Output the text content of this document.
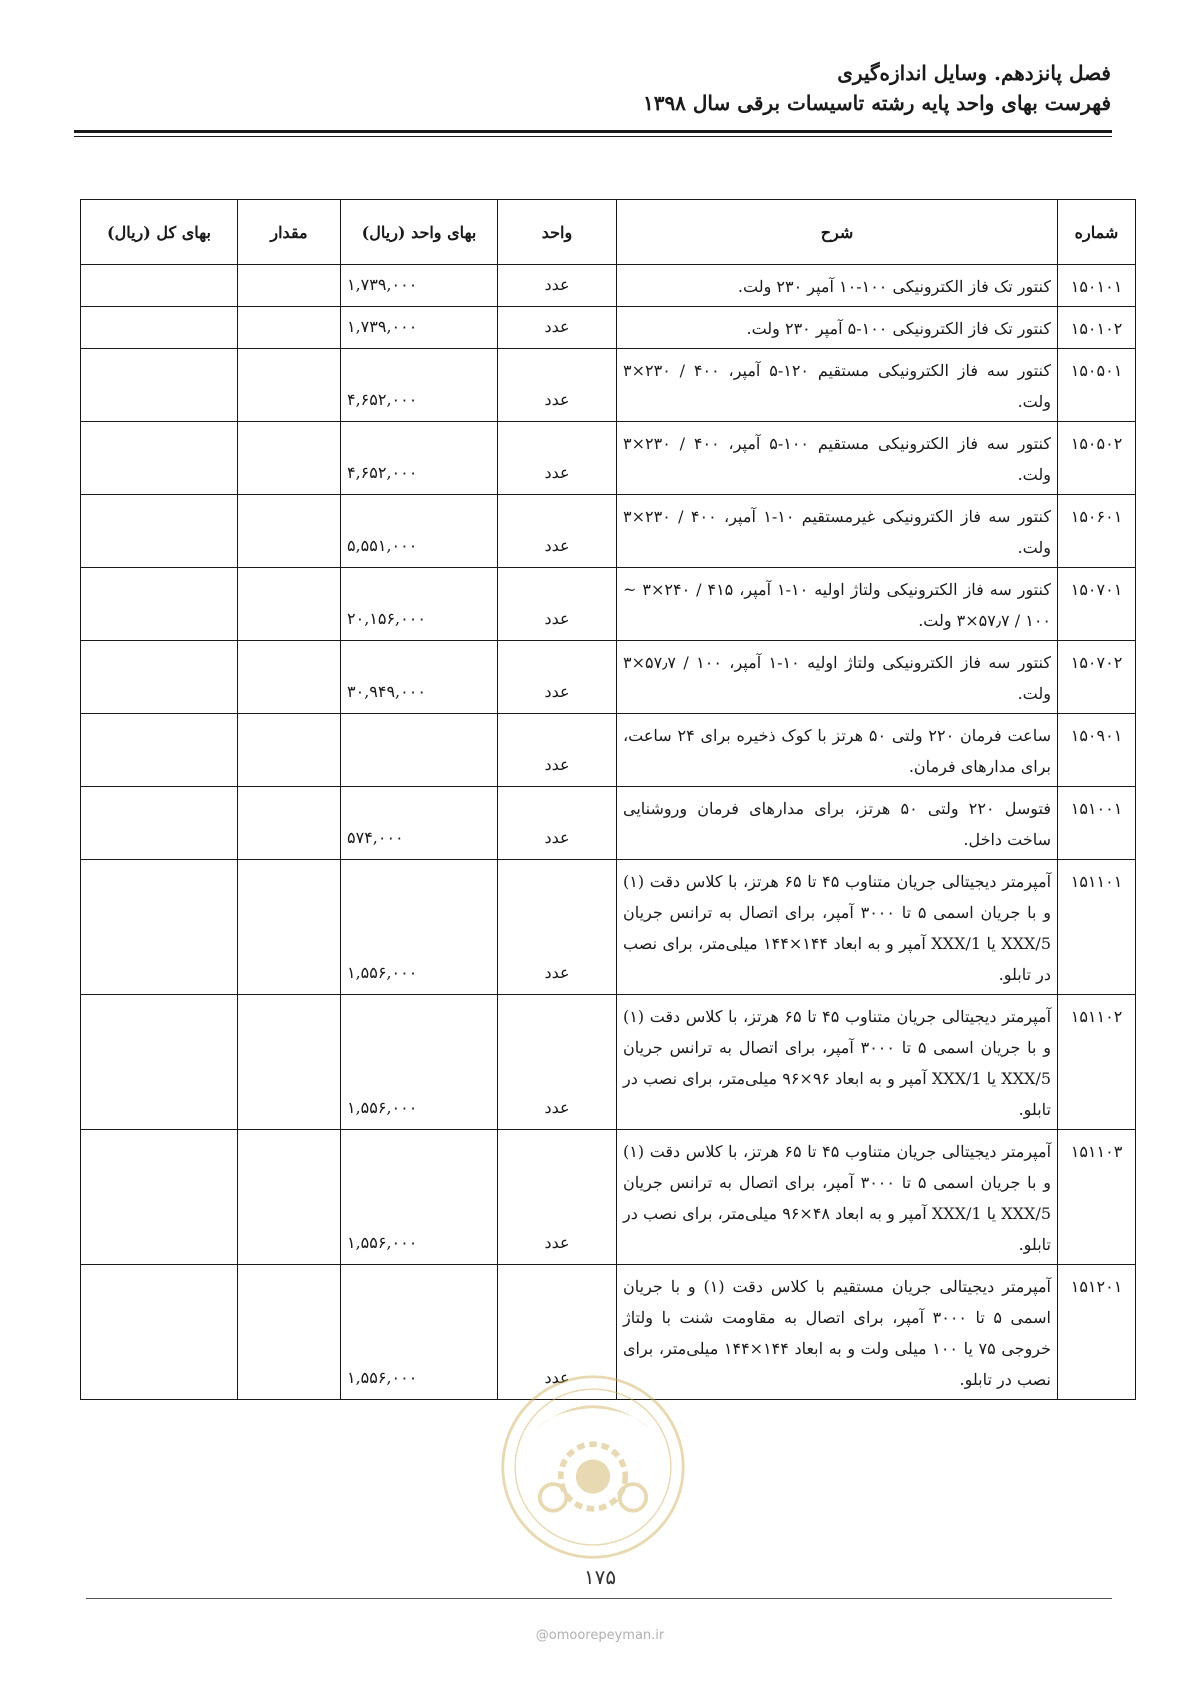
فصل پانزدهم. وسایل اندازه‌گیری
فهرست بهای واحد پایه رشته تاسیسات برقی سال ۱۳۹۸
شماره	شرح	واحد	بهای واحد (ریال)	مقدار	بهای کل (ریال)
۱۵۰۱۰۱	کنتور تک فاز الکترونیکی ۱۰۰-۱۰ آمپر ۲۳۰ ولت.	عدد	۱,۷۳۹,۰۰۰		
۱۵۰۱۰۲	کنتور تک فاز الکترونیکی ۱۰۰-۵ آمپر ۲۳۰ ولت.	عدد	۱,۷۳۹,۰۰۰		
۱۵۰۵۰۱	کنتور سه فاز الکترونیکی مستقیم ۱۲۰-۵ آمپر، ۴۰۰ / ۲۳۰×۳ ولت.	عدد	۴,۶۵۲,۰۰۰		
۱۵۰۵۰۲	کنتور سه فاز الکترونیکی مستقیم ۱۰۰-۵ آمپر، ۴۰۰ / ۲۳۰×۳ ولت.	عدد	۴,۶۵۲,۰۰۰		
۱۵۰۶۰۱	کنتور سه فاز الکترونیکی غیرمستقیم ۱۰-۱ آمپر، ۴۰۰ / ۲۳۰×۳ ولت.	عدد	۵,۵۵۱,۰۰۰		
۱۵۰۷۰۱	کنتور سه فاز الکترونیکی ولتاژ اولیه ۱۰-۱ آمپر، ۴۱۵ / ۲۴۰×۳ ~ ۱۰۰ / ۵۷٫۷×۳ ولت.	عدد	۲۰,۱۵۶,۰۰۰		
۱۵۰۷۰۲	کنتور سه فاز الکترونیکی ولتاژ اولیه ۱۰-۱ آمپر، ۱۰۰ / ۵۷٫۷×۳ ولت.	عدد	۳۰,۹۴۹,۰۰۰		
۱۵۰۹۰۱	ساعت فرمان ۲۲۰ ولتی ۵۰ هرتز با کوک ذخیره برای ۲۴ ساعت، برای مدارهای فرمان.	عدد			
۱۵۱۰۰۱	فتوسل ۲۲۰ ولتی ۵۰ هرتز، برای مدارهای فرمان وروشنایی ساخت داخل.	عدد	۵۷۴,۰۰۰		
۱۵۱۱۰۱	آمپرمتر دیجیتالی جریان متناوب ۴۵ تا ۶۵ هرتز، با کلاس دقت (۱) و با جریان اسمی ۵ تا ۳۰۰۰ آمپر، برای اتصال به ترانس جریان XXX/5 یا XXX/1 آمپر و به ابعاد ۱۴۴×۱۴۴ میلی‌متر، برای نصب در تابلو.	عدد	۱,۵۵۶,۰۰۰		
۱۵۱۱۰۲	آمپرمتر دیجیتالی جریان متناوب ۴۵ تا ۶۵ هرتز، با کلاس دقت (۱) و با جریان اسمی ۵ تا ۳۰۰۰ آمپر، برای اتصال به ترانس جریان XXX/5 یا XXX/1 آمپر و به ابعاد ۹۶×۹۶ میلی‌متر، برای نصب در تابلو.	عدد	۱,۵۵۶,۰۰۰		
۱۵۱۱۰۳	آمپرمتر دیجیتالی جریان متناوب ۴۵ تا ۶۵ هرتز، با کلاس دقت (۱) و با جریان اسمی ۵ تا ۳۰۰۰ آمپر، برای اتصال به ترانس جریان XXX/5 یا XXX/1 آمپر و به ابعاد ۴۸×۹۶ میلی‌متر، برای نصب در تابلو.	عدد	۱,۵۵۶,۰۰۰		
۱۵۱۲۰۱	آمپرمتر دیجیتالی جریان مستقیم با کلاس دقت (۱) و با جریان اسمی ۵ تا ۳۰۰۰ آمپر، برای اتصال به مقاومت شنت با ولتاژ خروجی ۷۵ یا ۱۰۰ میلی ولت و به ابعاد ۱۴۴×۱۴۴ میلی‌متر، برای نصب در تابلو.	عدد	۱,۵۵۶,۰۰۰		
۱۷۵
@omoorepeyman.ir
